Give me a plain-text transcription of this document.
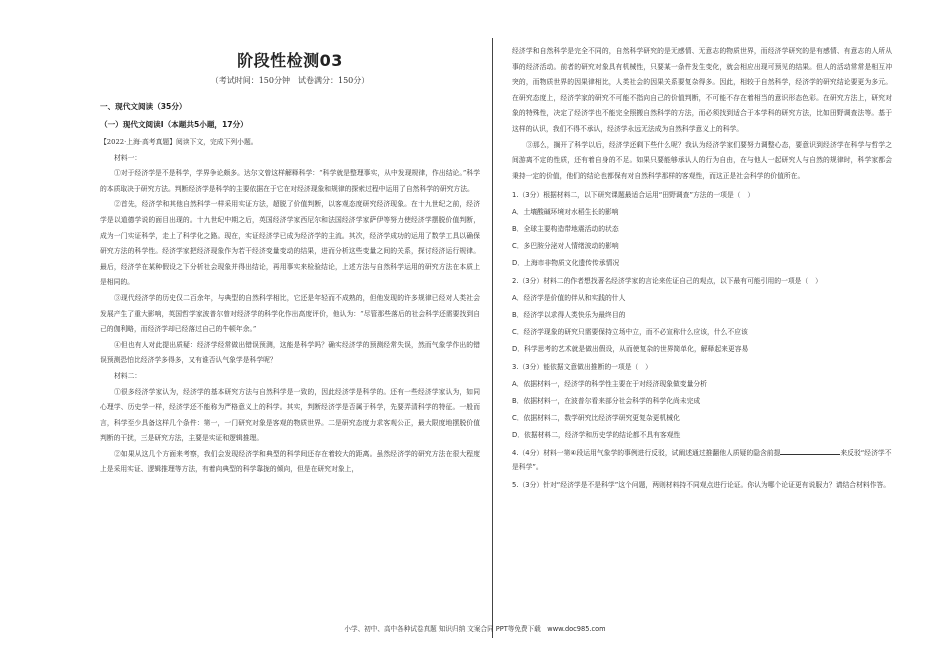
阶段性检测03
（考试时间：150分钟　试卷满分：150分）
一、现代文阅读（35分）
（一）现代文阅读Ⅰ（本题共5小题，17分）

【2022·上海·高考真题】阅读下文，完成下列小题。

材料一：

①对于经济学是不是科学，学界争论颇多。达尔文曾这样解释科学：“科学就是整理事实，从中发现规律，作出结论。”科学的本质取决于研究方法。判断经济学是科学的主要依据在于它在对经济现象和规律的探索过程中运用了自然科学的研究方法。

②首先，经济学和其他自然科学一样采用实证方法，超脱了价值判断，以客观态度研究经济现象。在十九世纪之前，经济学是以道德学说的面目出现的。十九世纪中期之后，英国经济学家西尼尔和法国经济学家萨伊等努力使经济学摆脱价值判断，成为一门实证科学，走上了科学化之路。现在，实证经济学已成为经济学的主流。其次，经济学成功的运用了数学工具以确保研究方法的科学性。经济学家把经济现象作为若干经济变量变动的结果，进而分析这些变量之间的关系，探讨经济运行规律。最后，经济学在某种假设之下分析社会现象并得出结论，再用事实来检验结论，上述方法与自然科学运用的研究方法在本质上是相同的。

③现代经济学的历史仅二百余年，与典型的自然科学相比，它还是年轻而不成熟的，但他发现的许多规律已经对人类社会发展产生了重大影响，英国哲学家波普尔曾对经济学的科学化作出高度评价，他认为：“尽管那些落后的社会科学还需要找到自己的伽利略，而经济学却已经落过自己的牛顿年余。”

④但也有人对此提出质疑：经济学经常做出错误预测，这能是科学吗？确实经济学的预测经常失误，然而气象学作出的错误预测恐怕比经济学多得多，又有谁否认气象学是科学呢？

材料二：

①很多经济学家认为，经济学的基本研究方法与自然科学是一致的，因此经济学是科学的。还有一些经济学家认为，如同心理学、历史学一样，经济学还不能称为严格意义上的科学。其实，判断经济学是否属于科学，先要弄清科学的特征。一般而言，科学至少具备这样几个条件：第一，一门研究对象是客观的物质世界。二是研究态度力求客观公正，最大限度地摆脱价值判断的干扰，三是研究方法，主要是实证和逻辑推理。

②如果从这几个方面来考察，我们会发现经济学和典型的科学间还存在着较大的距离。虽然经济学的研究方法在很大程度上是采用实证、逻辑推理等方法，有着向典型的科学靠拢的倾向，但是在研究对象上，

经济学和自然科学是完全不同的，自然科学研究的是无感情、无意志的物质世界，而经济学研究的是有感情、有意志的人所从事的经济活动。前者的研究对象具有机械性，只要某一条件发生变化，就会相应出现可预见的结果。但人的活动常常是相互冲突的，而物质世界的因果律相比，人类社会的因果关系要复杂得多。因此，相较于自然科学，经济学的研究结论要更为多元。在研究态度上，经济学家的研究不可能不指向自己的价值判断，不可能不存在着相当的意识形态色彩。在研究方法上，研究对象的特殊性，决定了经济学也不能完全照搬自然科学的方法，而必须找到适合于本学科的研究方法，比如田野调查法等。基于这样的认识，我们不得不承认，经济学永远无法成为自然科学意义上的科学。

③那么，搁开了科学以后，经济学还剩下些什么呢？我认为经济学家们要努力调整心态，要意识到经济学在科学与哲学之间游离不定的性质，还有着自身的不足。如果只要能够承认人的行为自由，在与他人一起研究人与自然的规律时，科学家都会秉持一定的价值，他们的结论也都保有对自然科学那样的客观性，而这正是社会科学的价值所在。

1.（3分）根据材料二，以下研究课题最适合运用“田野调查”方法的一项是（　）
A．土壤酸碱环境对水稻生长的影响
B．全球主要构造带地震活动的状态
C．多巴胺分泌对人情绪波动的影响
D．上海市非物质文化遗传传承情况
2.（3分）材料二的作者想找著名经济学家的言论来佐证自己的观点，以下最有可能引用的一项是（　）
A．经济学是价值的伴从和实践的什人
B．经济学以求得人类快乐为最终目的
C．经济学现象的研究只需要保持立场中立，而不必宣称什么应该，什么不应该
D．科学思考的艺术就是做出假设，从而使复杂的世界简单化，解释起来更容易
3.（3分）能依据文意做出推断的一项是（　）
A．依据材料一，经济学的科学性主要在于对经济现象做变量分析
B．依据材料一，在波普尔看来部分社会科学的科学化尚未完成
C．依据材料二，数学研究比经济学研究更复杂更机械化
D．依据材料二，经济学和历史学的结论都不具有客观性
4.（4分）材料一第④段运用气象学的事例进行反驳，试阐述通过推翻他人质疑的隐含前提	来反驳“经济学不是科学”。
5.（3分）针对“经济学是不是科学”这个问题，两则材料持不同观点进行论证。你认为哪个论证更有说服力？请结合材料作答。
小学、初中、高中各种试卷真题 知识归纳 文案合同 PPT等免费下载　www.doc985.com
